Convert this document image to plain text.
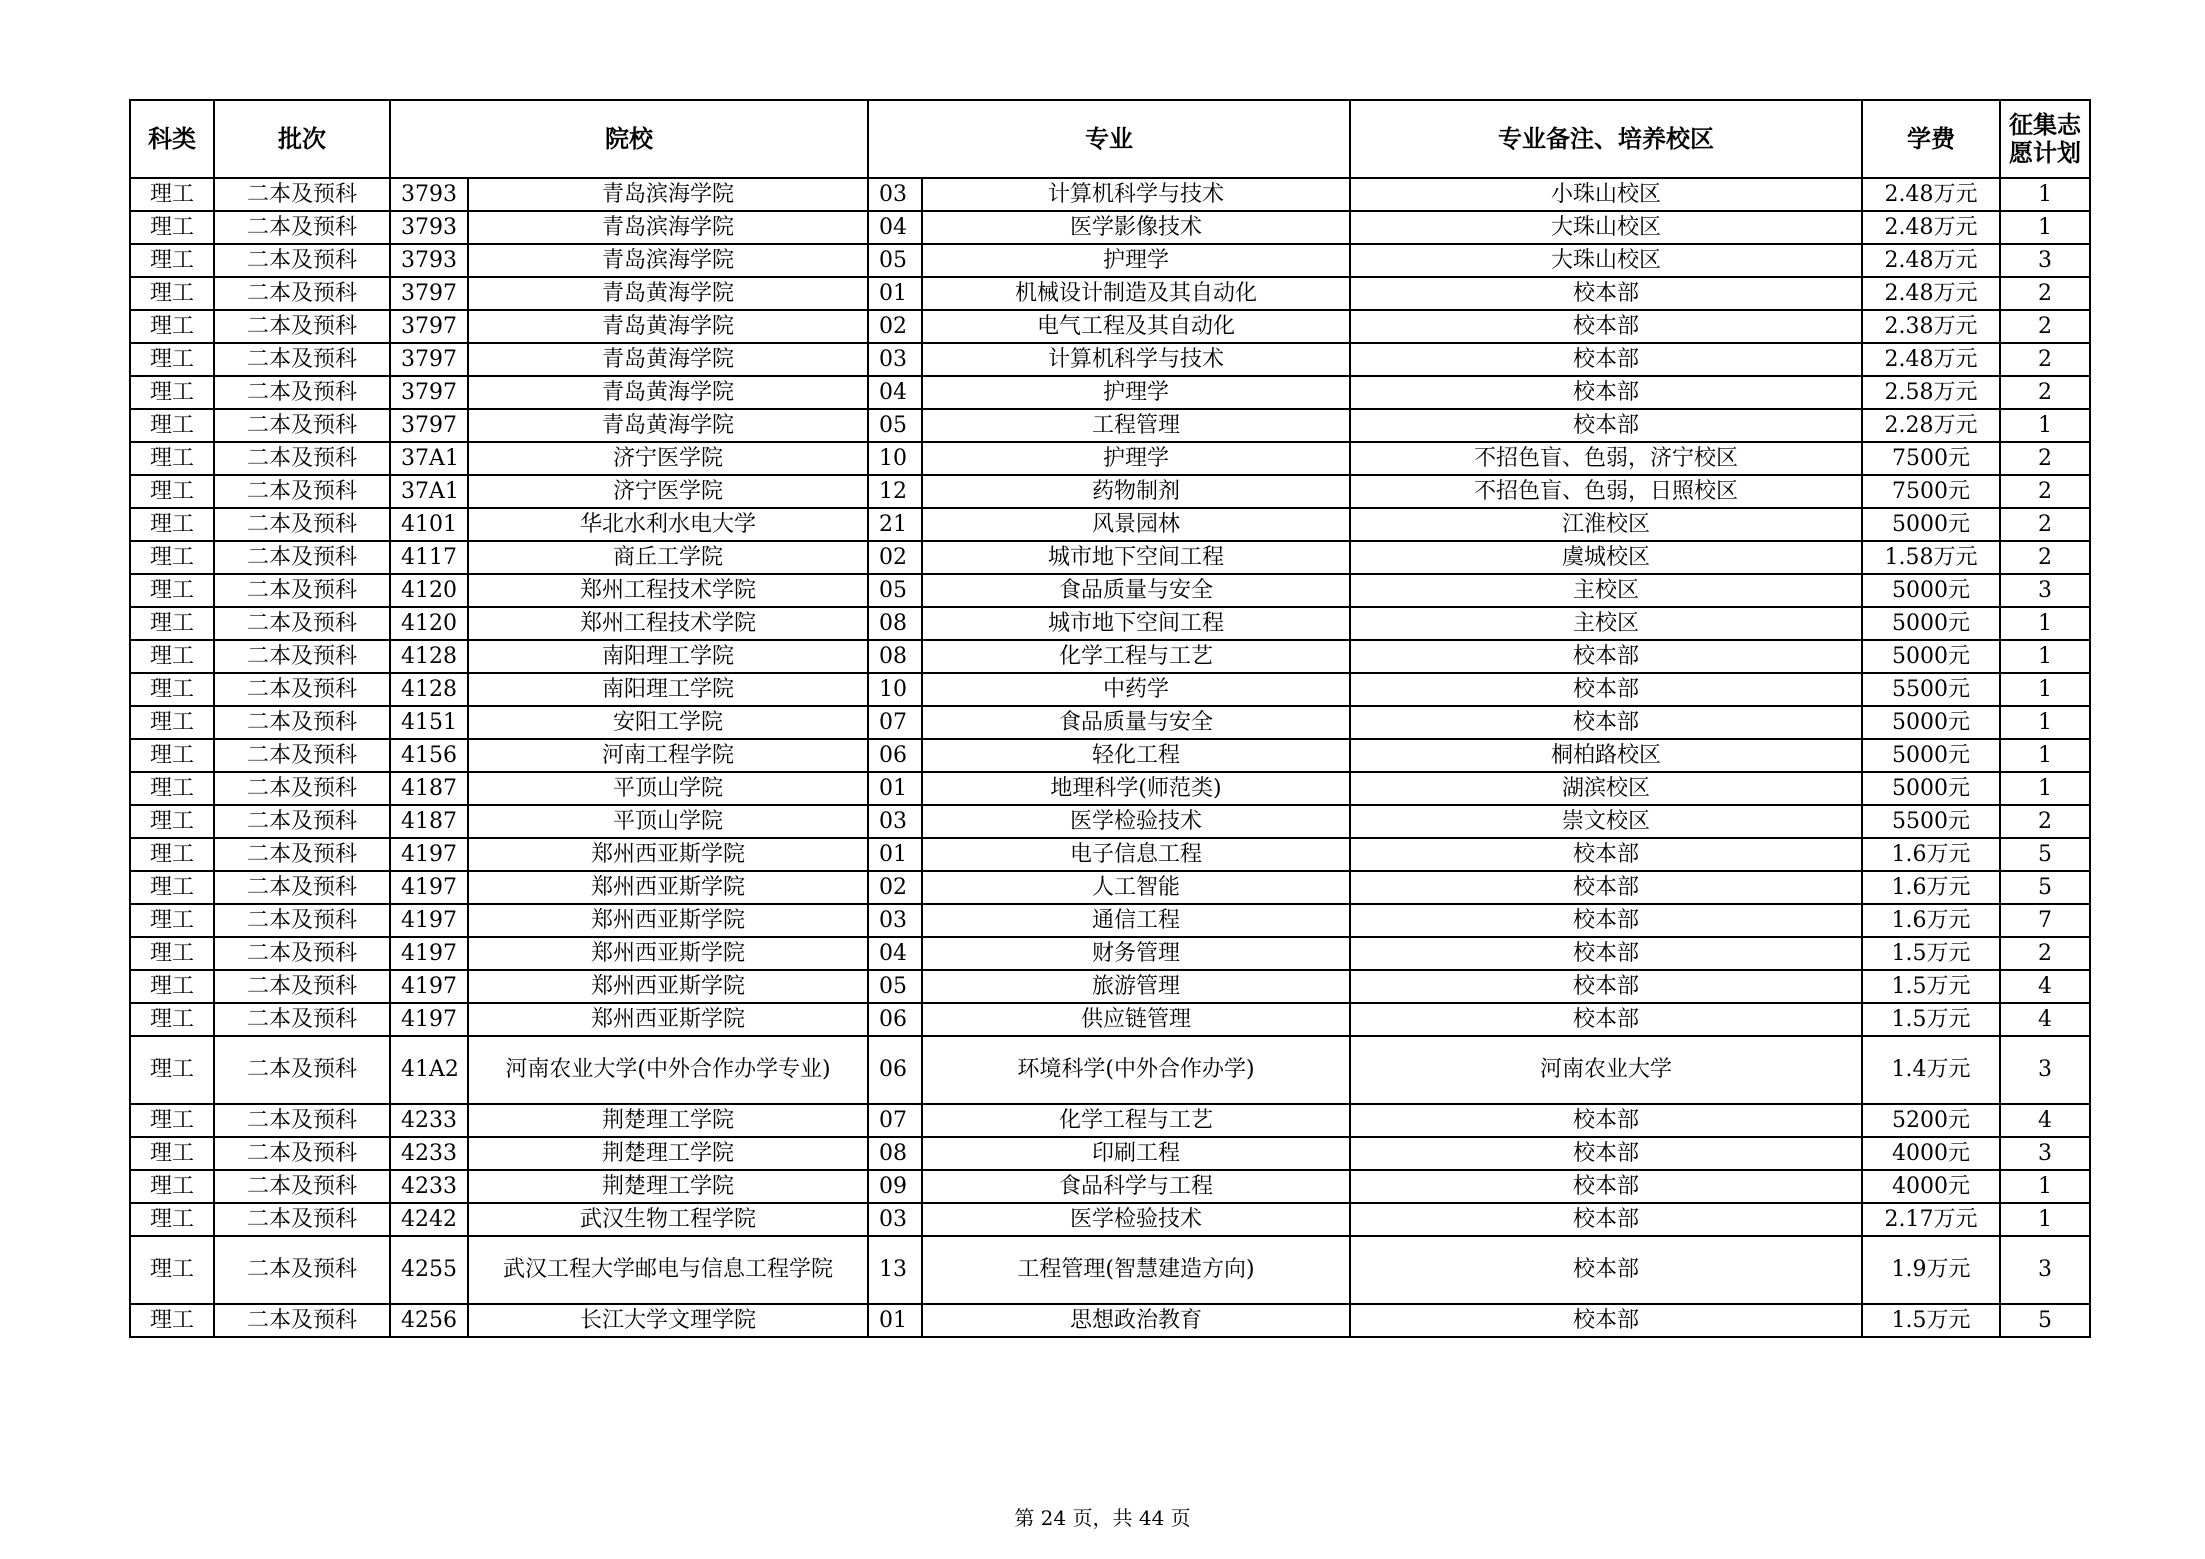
科类	批次	院校		专业		专业备注、培养校区	学费	征集志愿计划
理工	二本及预科	3793	青岛滨海学院	03	计算机科学与技术	小珠山校区	2.48万元	1
理工	二本及预科	3793	青岛滨海学院	04	医学影像技术	大珠山校区	2.48万元	1
理工	二本及预科	3793	青岛滨海学院	05	护理学	大珠山校区	2.48万元	3
理工	二本及预科	3797	青岛黄海学院	01	机械设计制造及其自动化	校本部	2.48万元	2
理工	二本及预科	3797	青岛黄海学院	02	电气工程及其自动化	校本部	2.38万元	2
理工	二本及预科	3797	青岛黄海学院	03	计算机科学与技术	校本部	2.48万元	2
理工	二本及预科	3797	青岛黄海学院	04	护理学	校本部	2.58万元	2
理工	二本及预科	3797	青岛黄海学院	05	工程管理	校本部	2.28万元	1
理工	二本及预科	37A1	济宁医学院	10	护理学	不招色盲、色弱，济宁校区	7500元	2
理工	二本及预科	37A1	济宁医学院	12	药物制剂	不招色盲、色弱，日照校区	7500元	2
理工	二本及预科	4101	华北水利水电大学	21	风景园林	江淮校区	5000元	2
理工	二本及预科	4117	商丘工学院	02	城市地下空间工程	虞城校区	1.58万元	2
理工	二本及预科	4120	郑州工程技术学院	05	食品质量与安全	主校区	5000元	3
理工	二本及预科	4120	郑州工程技术学院	08	城市地下空间工程	主校区	5000元	1
理工	二本及预科	4128	南阳理工学院	08	化学工程与工艺	校本部	5000元	1
理工	二本及预科	4128	南阳理工学院	10	中药学	校本部	5500元	1
理工	二本及预科	4151	安阳工学院	07	食品质量与安全	校本部	5000元	1
理工	二本及预科	4156	河南工程学院	06	轻化工程	桐柏路校区	5000元	1
理工	二本及预科	4187	平顶山学院	01	地理科学(师范类)	湖滨校区	5000元	1
理工	二本及预科	4187	平顶山学院	03	医学检验技术	崇文校区	5500元	2
理工	二本及预科	4197	郑州西亚斯学院	01	电子信息工程	校本部	1.6万元	5
理工	二本及预科	4197	郑州西亚斯学院	02	人工智能	校本部	1.6万元	5
理工	二本及预科	4197	郑州西亚斯学院	03	通信工程	校本部	1.6万元	7
理工	二本及预科	4197	郑州西亚斯学院	04	财务管理	校本部	1.5万元	2
理工	二本及预科	4197	郑州西亚斯学院	05	旅游管理	校本部	1.5万元	4
理工	二本及预科	4197	郑州西亚斯学院	06	供应链管理	校本部	1.5万元	4
理工	二本及预科	41A2	河南农业大学(中外合作办学专业)	06	环境科学(中外合作办学)	河南农业大学	1.4万元	3
理工	二本及预科	4233	荆楚理工学院	07	化学工程与工艺	校本部	5200元	4
理工	二本及预科	4233	荆楚理工学院	08	印刷工程	校本部	4000元	3
理工	二本及预科	4233	荆楚理工学院	09	食品科学与工程	校本部	4000元	1
理工	二本及预科	4242	武汉生物工程学院	03	医学检验技术	校本部	2.17万元	1
理工	二本及预科	4255	武汉工程大学邮电与信息工程学院	13	工程管理(智慧建造方向)	校本部	1.9万元	3
理工	二本及预科	4256	长江大学文理学院	01	思想政治教育	校本部	1.5万元	5
第 24 页，共 44 页
